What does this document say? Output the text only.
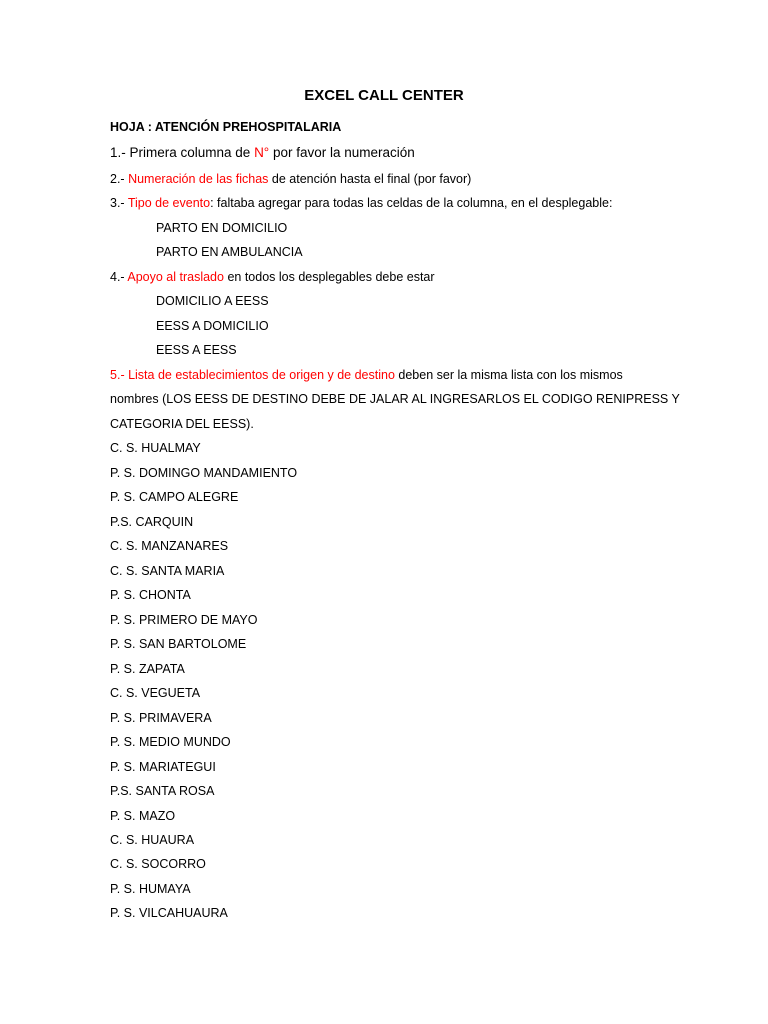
EXCEL CALL CENTER
HOJA : ATENCIÓN PREHOSPITALARIA
1.- Primera columna de N° por favor la numeración
2.- Numeración de las fichas de atención hasta el final (por favor)
3.- Tipo de evento: faltaba agregar para todas las celdas de la columna, en el desplegable:
PARTO EN DOMICILIO
PARTO EN AMBULANCIA
4.- Apoyo al traslado en todos los desplegables debe estar
DOMICILIO A EESS
EESS A DOMICILIO
EESS A EESS
5.- Lista de establecimientos de origen y de destino deben ser la misma lista con los mismos
nombres (LOS EESS DE DESTINO DEBE DE JALAR AL INGRESARLOS EL CODIGO RENIPRESS Y
CATEGORIA DEL EESS).
C. S. HUALMAY
P. S. DOMINGO MANDAMIENTO
P. S. CAMPO ALEGRE
P.S. CARQUIN
C. S. MANZANARES
C. S. SANTA MARIA
P. S. CHONTA
P. S. PRIMERO DE MAYO
P. S. SAN BARTOLOME
P. S. ZAPATA
C. S. VEGUETA
P. S. PRIMAVERA
P. S. MEDIO MUNDO
P. S. MARIATEGUI
P.S. SANTA ROSA
P. S. MAZO
C. S. HUAURA
C. S. SOCORRO
P. S. HUMAYA
P. S. VILCAHUAURA
